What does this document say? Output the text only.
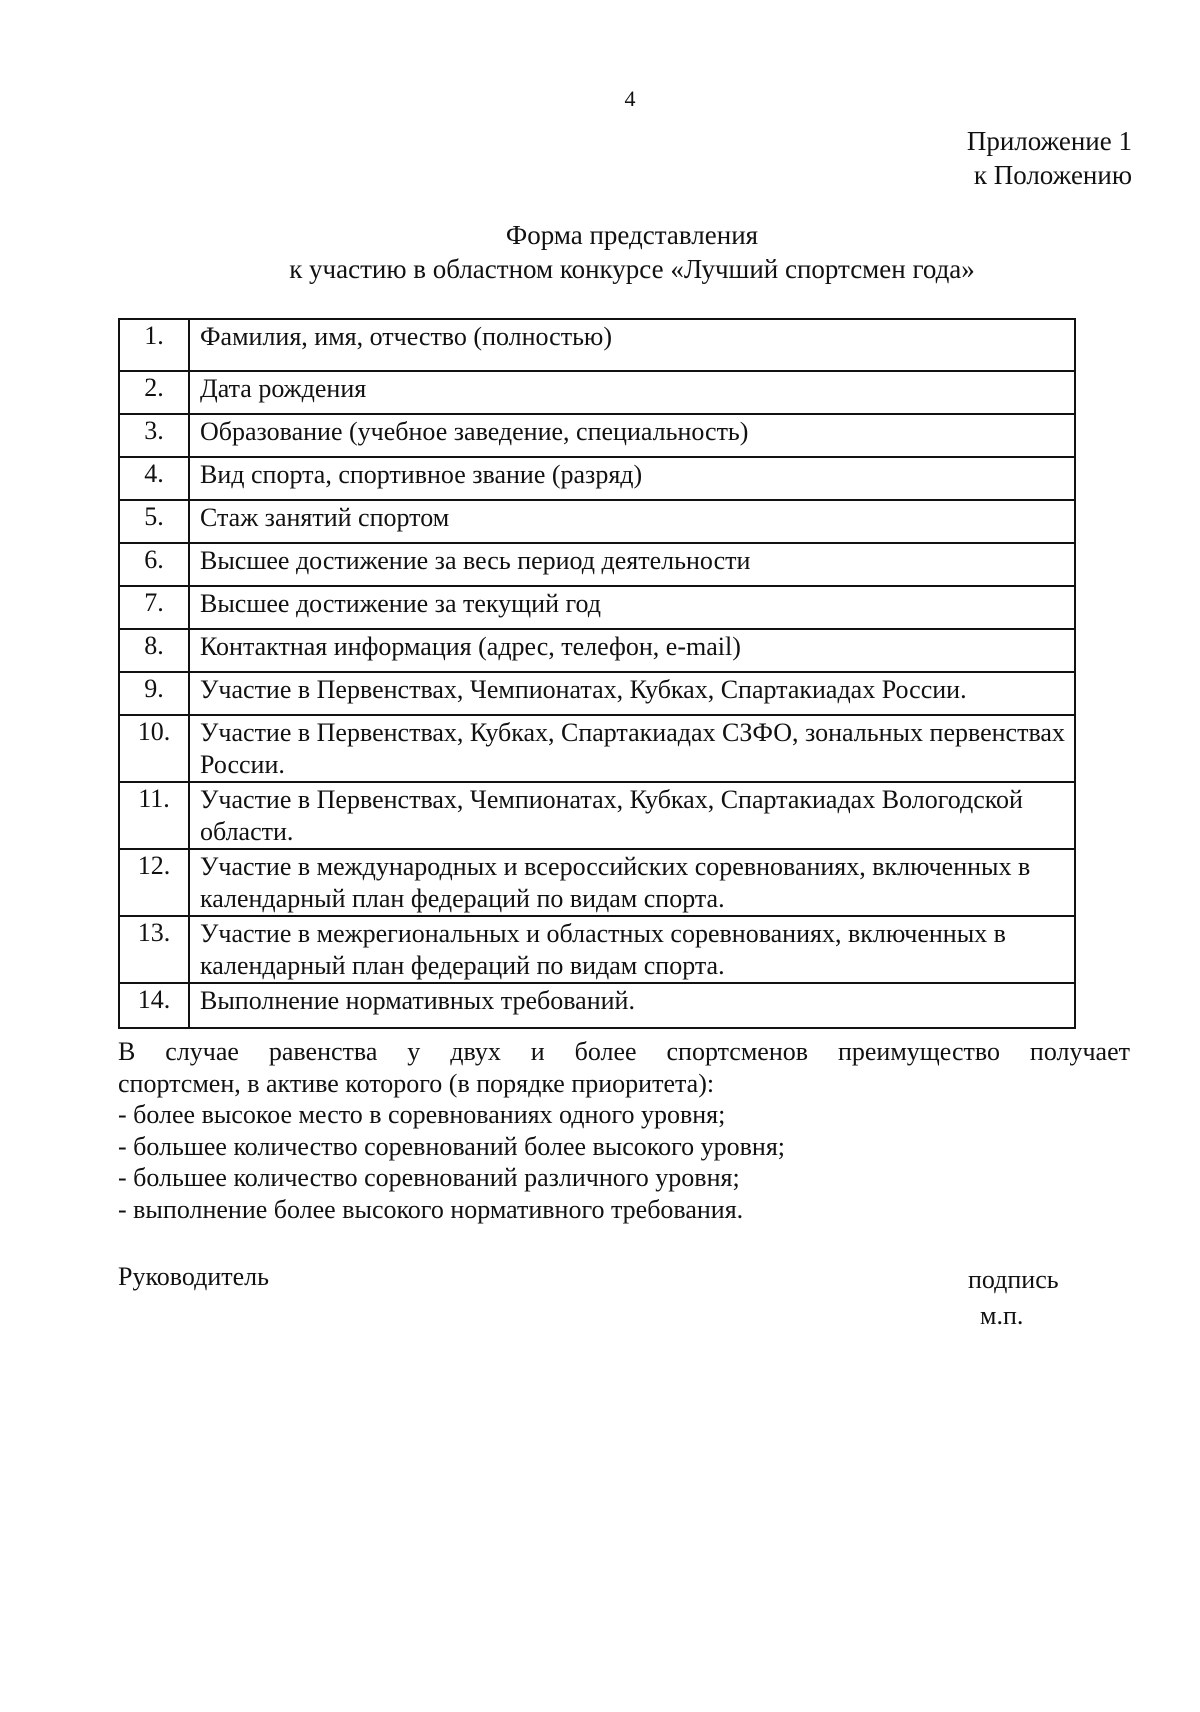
4
Приложение 1
к Положению
Форма представления
к участию в областном конкурсе «Лучший спортсмен года»
1.	Фамилия, имя, отчество (полностью)
2.	Дата рождения
3.	Образование (учебное заведение, специальность)
4.	Вид спорта, спортивное звание (разряд)
5.	Стаж занятий спортом
6.	Высшее достижение за весь период деятельности
7.	Высшее достижение за текущий год
8.	Контактная информация (адрес, телефон, e-mail)
9.	Участие в Первенствах, Чемпионатах, Кубках, Спартакиадах России.
10.	Участие в Первенствах, Кубках, Спартакиадах СЗФО, зональных первенствах России.
11.	Участие в Первенствах, Чемпионатах, Кубках, Спартакиадах Вологодской области.
12.	Участие в международных и всероссийских соревнованиях, включенных в календарный план федераций по видам спорта.
13.	Участие в межрегиональных и областных соревнованиях, включенных в календарный план федераций по видам спорта.
14.	Выполнение нормативных требований.
В случае равенства у двух и более спортсменов преимущество получает
спортсмен, в активе которого (в порядке приоритета):
- более высокое место в соревнованиях одного уровня;
- большее количество соревнований более высокого уровня;
- большее количество соревнований различного уровня;
- выполнение более высокого нормативного требования.
Руководитель	подпись
м.п.
